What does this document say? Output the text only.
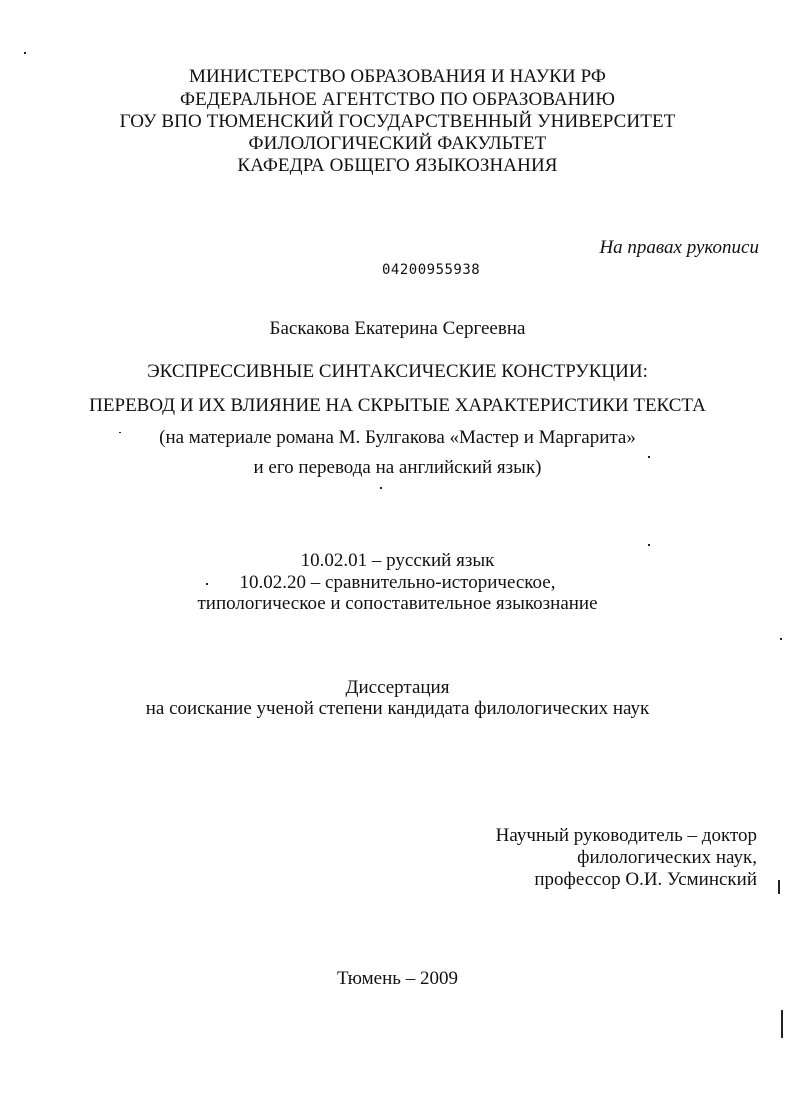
МИНИСТЕРСТВО ОБРАЗОВАНИЯ И НАУКИ РФ
ФЕДЕРАЛЬНОЕ АГЕНТСТВО ПО ОБРАЗОВАНИЮ
ГОУ ВПО ТЮМЕНСКИЙ ГОСУДАРСТВЕННЫЙ УНИВЕРСИТЕТ
ФИЛОЛОГИЧЕСКИЙ ФАКУЛЬТЕТ
КАФЕДРА ОБЩЕГО ЯЗЫКОЗНАНИЯ
На правах рукописи
04200955938
Баскакова Екатерина Сергеевна
ЭКСПРЕССИВНЫЕ СИНТАКСИЧЕСКИЕ КОНСТРУКЦИИ:
ПЕРЕВОД И ИХ ВЛИЯНИЕ НА СКРЫТЫЕ ХАРАКТЕРИСТИКИ ТЕКСТА
(на материале романа М. Булгакова «Мастер и Маргарита»
и его перевода на английский язык)
10.02.01 – русский язык
10.02.20 – сравнительно-историческое,
типологическое и сопоставительное языкознание
Диссертация
на соискание ученой степени кандидата филологических наук
Научный руководитель – доктор
филологических наук,
профессор О.И. Усминский
Тюмень – 2009
